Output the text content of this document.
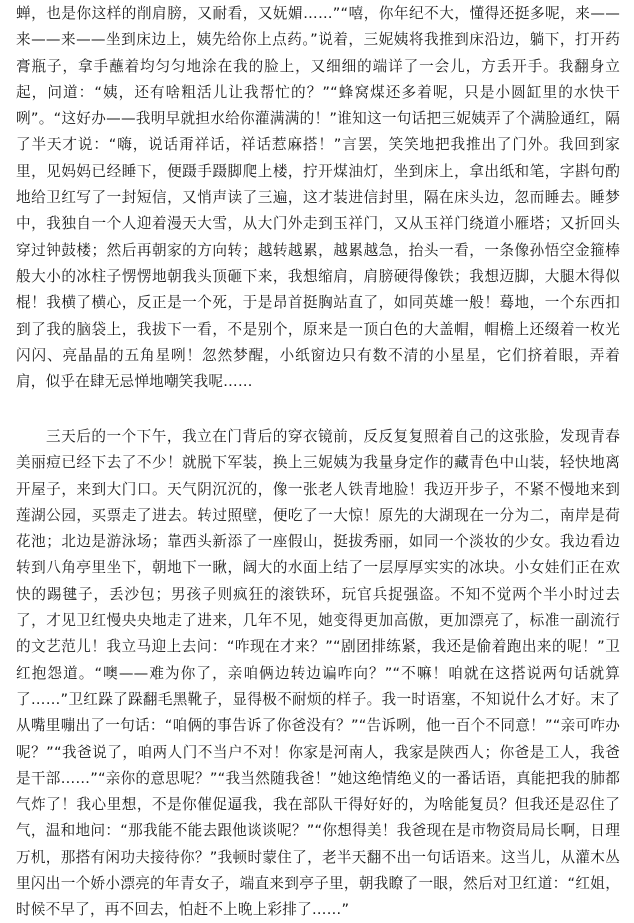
蝉，也是你这样的削肩膀，又耐看，又妩媚……”“嘻，你年纪不大，懂得还挺多呢，来——来——来——坐到床边上，姨先给你上点药。”说着，三妮姨将我推到床沿边，躺下，打开药膏瓶子，拿手蘸着均匀匀地涂在我的脸上，又细细的端详了一会儿，方丢开手。我翻身立起，问道：“姨，还有啥粗活儿让我帮忙的？”“蜂窝煤还多着呢，只是小圆缸里的水快干咧”。“这好办——我明早就担水给你灌满满的！”谁知这一句话把三妮姨弄了个满脸通红，隔了半天才说：“嗨，说话甭祥话，祥话惹麻搭！”言罢，笑笑地把我推出了门外。我回到家里，见妈妈已经睡下，便蹑手蹑脚爬上楼，拧开煤油灯，坐到床上，拿出纸和笔，字斟句酌地给卫红写了一封短信，又悄声读了三遍，这才装进信封里，隔在床头边，忽而睡去。睡梦中，我独自一个人迎着漫天大雪，从大门外走到玉祥门，又从玉祥门绕道小雁塔；又折回头穿过钟鼓楼；然后再朝家的方向转；越转越累，越累越急，抬头一看，一条像孙悟空金箍棒般大小的冰柱子愣愣地朝我头顶砸下来，我想缩肩，肩膀硬得像铁；我想迈脚，大腿木得似棍！我横了横心，反正是一个死，于是昂首挺胸站直了，如同英雄一般！蓦地，一个东西扣到了我的脑袋上，我拔下一看，不是别个，原来是一顶白色的大盖帽，帽檐上还缀着一枚光闪闪、亮晶晶的五角星咧！忽然梦醒，小纸窗边只有数不清的小星星，它们挤着眼，弄着肩，似乎在肆无忌惮地嘲笑我呢……

三天后的一个下午，我立在门背后的穿衣镜前，反反复复照着自己的这张脸，发现青春美丽痘已经下去了不少！就脱下军装，换上三妮姨为我量身定作的藏青色中山装，轻快地离开屋子，来到大门口。天气阴沉沉的，像一张老人铁青地脸！我迈开步子，不紧不慢地来到莲湖公园，买票走了进去。转过照壁，便吃了一大惊！原先的大湖现在一分为二，南岸是荷花池；北边是游泳场；靠西头新添了一座假山，挺拔秀丽，如同一个淡妆的少女。我边看边转到八角亭里坐下，朝地下一瞅，阔大的水面上结了一层厚厚实实的冰块。小女娃们正在欢快的踢毽子，丢沙包；男孩子则疯狂的滚铁环，玩官兵捉强盗。不知不觉两个半小时过去了，才见卫红慢央央地走了进来，几年不见，她变得更加高傲，更加漂亮了，标准一副流行的文艺范儿！我立马迎上去问：“咋现在才来？”“剧团排练紧，我还是偷着跑出来的呢！”卫红抱怨道。“噢——难为你了，亲咱俩边转边谝咋向？”“不嘛！咱就在这搭说两句话就算了……”卫红跺了跺翻毛黑靴子，显得极不耐烦的样子。我一时语塞，不知说什么才好。末了从嘴里嘣出了一句话：“咱俩的事告诉了你爸没有？”“告诉咧，他一百个不同意！”“亲可咋办呢？”“我爸说了，咱两人门不当户不对！你家是河南人，我家是陕西人；你爸是工人，我爸是干部……”“亲你的意思呢？”“我当然随我爸！”她这绝情绝义的一番话语，真能把我的肺都气炸了！我心里想，不是你催促逼我，我在部队干得好好的，为啥能复员？但我还是忍住了气，温和地问：“那我能不能去跟他谈谈呢？”“你想得美！我爸现在是市物资局局长啊，日理万机，那搭有闲功夫接待你？”我顿时蒙住了，老半天翻不出一句话语来。这当儿，从灌木丛里闪出一个娇小漂亮的年青女子，端直来到亭子里，朝我瞭了一眼，然后对卫红道：“红姐，时候不早了，再不回去，怕赶不上晚上彩排了……”
